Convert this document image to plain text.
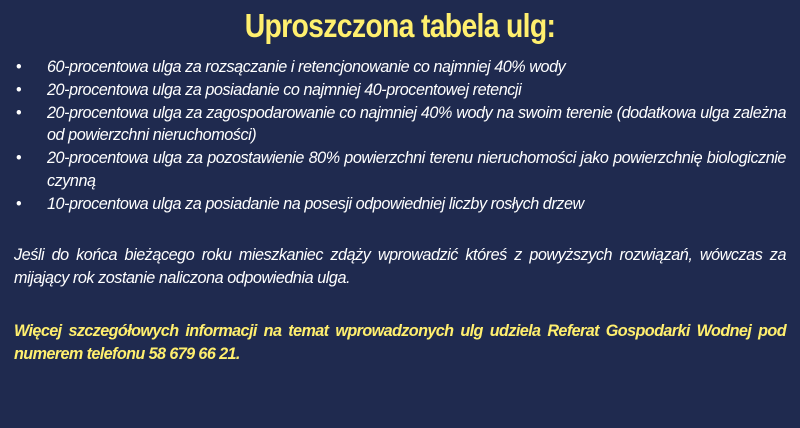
Uproszczona tabela ulg:
• 60-procentowa ulga za rozsączanie i retencjonowanie co najmniej 40% wody
• 20-procentowa ulga za posiadanie co najmniej 40-procentowej retencji
• 20-procentowa ulga za zagospodarowanie co najmniej 40% wody na swoim terenie (dodatkowa ulga zależna od powierzchni nieruchomości)
• 20-procentowa ulga za pozostawienie 80% powierzchni terenu nieruchomości jako powierzchnię biologicznie czynną
• 10-procentowa ulga za posiadanie na posesji odpowiedniej liczby rosłych drzew

Jeśli do końca bieżącego roku mieszkaniec zdąży wprowadzić któreś z powyższych rozwiązań, wówczas za mijający rok zostanie naliczona odpowiednia ulga.

Więcej szczegółowych informacji na temat wprowadzonych ulg udziela Referat Gospodarki Wodnej pod numerem telefonu 58 679 66 21.
